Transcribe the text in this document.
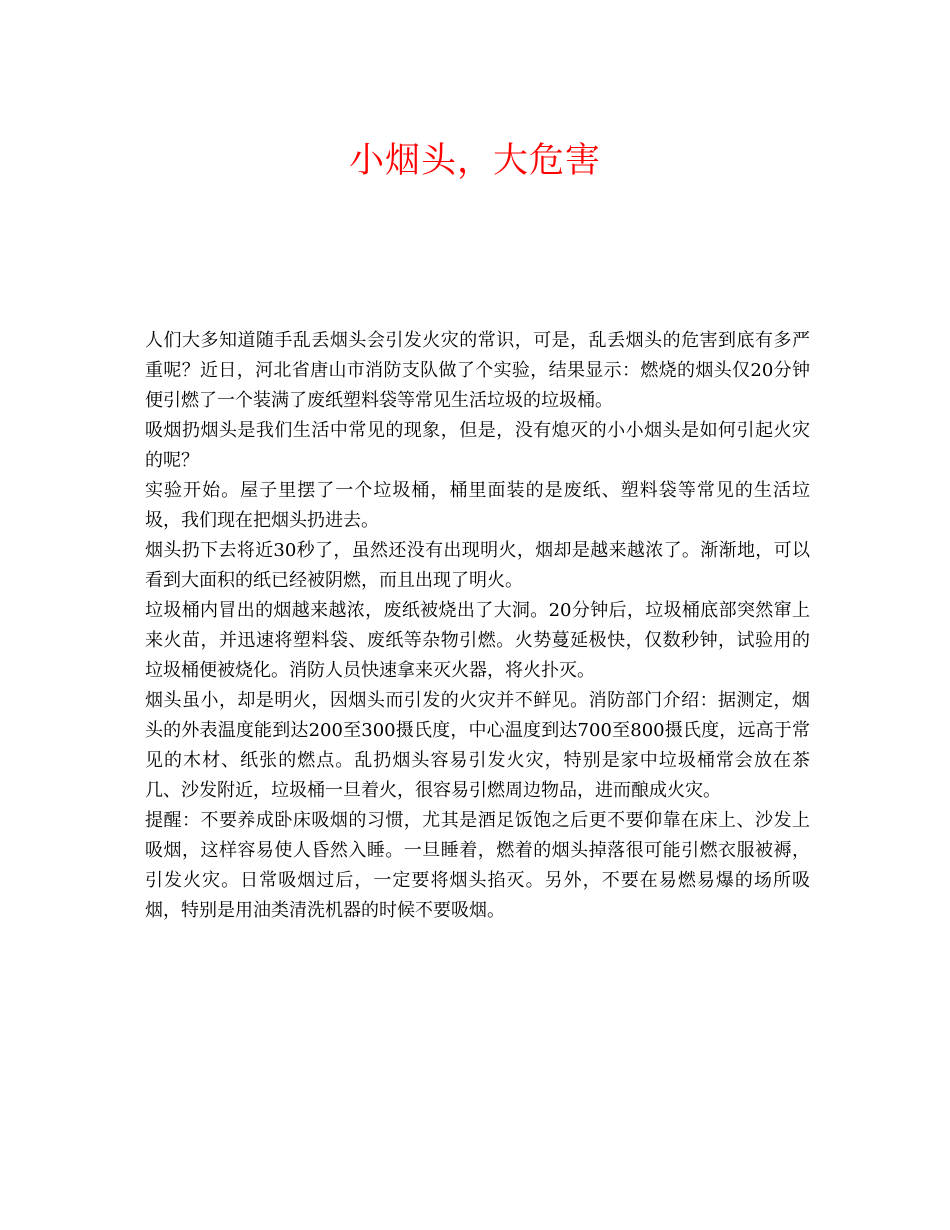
小烟头，大危害

人们大多知道随手乱丢烟头会引发火灾的常识，可是，乱丢烟头的危害到底有多严重呢？近日，河北省唐山市消防支队做了个实验，结果显示：燃烧的烟头仅20分钟便引燃了一个装满了废纸塑料袋等常见生活垃圾的垃圾桶。

吸烟扔烟头是我们生活中常见的现象，但是，没有熄灭的小小烟头是如何引起火灾的呢？

实验开始。屋子里摆了一个垃圾桶，桶里面装的是废纸、塑料袋等常见的生活垃圾，我们现在把烟头扔进去。

烟头扔下去将近30秒了，虽然还没有出现明火，烟却是越来越浓了。渐渐地，可以看到大面积的纸已经被阴燃，而且出现了明火。

垃圾桶内冒出的烟越来越浓，废纸被烧出了大洞。20分钟后，垃圾桶底部突然窜上来火苗，并迅速将塑料袋、废纸等杂物引燃。火势蔓延极快，仅数秒钟，试验用的垃圾桶便被烧化。消防人员快速拿来灭火器，将火扑灭。

烟头虽小，却是明火，因烟头而引发的火灾并不鲜见。消防部门介绍：据测定，烟头的外表温度能到达200至300摄氏度，中心温度到达700至800摄氏度，远高于常见的木材、纸张的燃点。乱扔烟头容易引发火灾，特别是家中垃圾桶常会放在茶几、沙发附近，垃圾桶一旦着火，很容易引燃周边物品，进而酿成火灾。

提醒：不要养成卧床吸烟的习惯，尤其是酒足饭饱之后更不要仰靠在床上、沙发上吸烟，这样容易使人昏然入睡。一旦睡着，燃着的烟头掉落很可能引燃衣服被褥，引发火灾。日常吸烟过后，一定要将烟头掐灭。另外，不要在易燃易爆的场所吸烟，特别是用油类清洗机器的时候不要吸烟。
